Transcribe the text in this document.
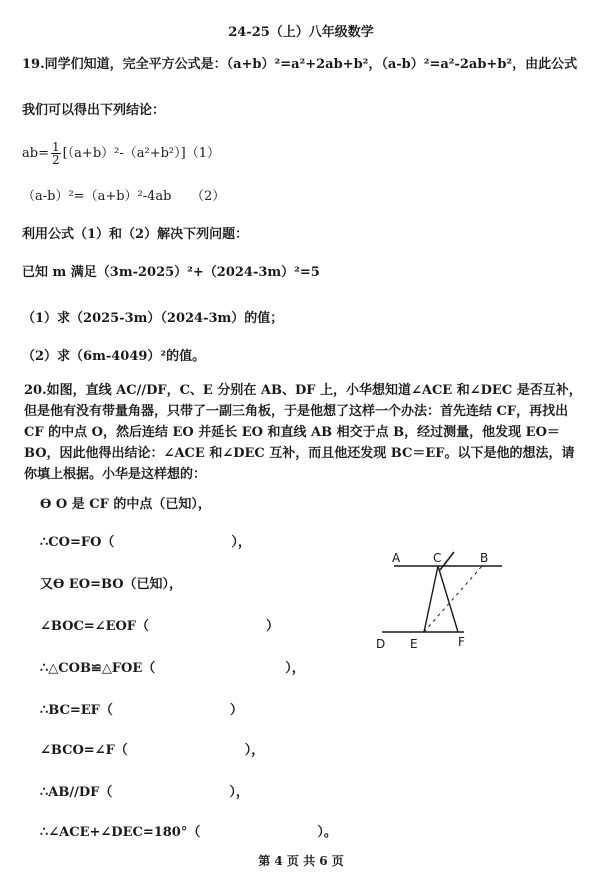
24-25（上）八年级数学
19.同学们知道，完全平方公式是：（a+b）²=a²+2ab+b²，（a-b）²=a²-2ab+b²，由此公式
我们可以得出下列结论：
$ab= \frac{1}{2} [(a+b)^2-(a^2+b^2)](1)$
（a-b）²=（a+b）²-4ab　　（2）
利用公式（1）和（2）解决下列问题：
已知 m 满足（3m-2025）²+（2024-3m）²=5
（1）求（2025-3m）（2024-3m）的值；
（2）求（6m-4049）²的值。
20.如图，直线 AC//DF，C、E 分别在 AB、DF 上，小华想知道∠ACE 和∠DEC 是否互补，但是他有没有带量角器，只带了一副三角板，于是他想了这样一个办法：首先连结 CF，再找出 CF 的中点 O，然后连结 EO 并延长 EO 和直线 AB 相交于点 B，经过测量，他发现 EO＝BO，因此他得出结论：∠ACE 和∠DEC 互补，而且他还发现 BC＝EF。以下是他的想法，请你填上根据。小华是这样想的：
ϴ O 是 CF 的中点（已知），
∴CO=FO（　　　　　　　　　），
又ϴ EO=BO（已知），
∠BOC=∠EOF（　　　　　　　　　）
∴△COB≌△FOE（　　　　　　　　　　），
∴BC=EF（　　　　　　　　　）
∠BCO=∠F（　　　　　　　　　），
∴AB//DF（　　　　　　　　　），
∴∠ACE+∠DEC=180°（　　　　　　　　　）。
A	C	B
D E	F
第 4 页 共 6 页
